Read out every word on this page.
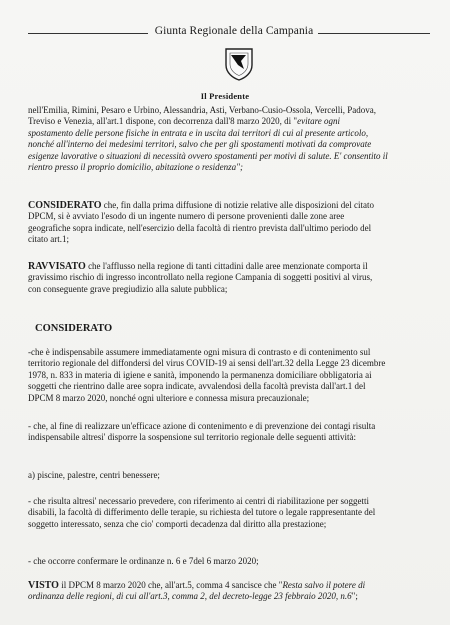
Giunta Regionale della Campania
Il Presidente
nell'Emilia, Rimini, Pesaro e Urbino, Alessandria, Asti, Verbano-Cusio-Ossola, Vercelli, Padova,
Treviso e Venezia, all'art.1 dispone, con decorrenza dall'8 marzo 2020, di "evitare ogni
spostamento delle persone fisiche in entrata e in uscita dai territori di cui al presente articolo,
nonché all'interno dei medesimi territori, salvo che per gli spostamenti motivati da comprovate
esigenze lavorative o situazioni di necessità ovvero spostamenti per motivi di salute. E' consentito il
rientro presso il proprio domicilio, abitazione o residenza";
CONSIDERATO che, fin dalla prima diffusione di notizie relative alle disposizioni del citato
DPCM, si è avviato l'esodo di un ingente numero di persone provenienti dalle zone aree
geografiche sopra indicate, nell'esercizio della facoltà di rientro prevista dall'ultimo periodo del
citato art.1;
RAVVISATO che l'afflusso nella regione di tanti cittadini dalle aree menzionate comporta il
gravissimo rischio di ingresso incontrollato nella regione Campania di soggetti positivi al virus,
con conseguente grave pregiudizio alla salute pubblica;
CONSIDERATO
-che è indispensabile assumere immediatamente ogni misura di contrasto e di contenimento sul
territorio regionale del diffondersi del virus COVID-19 ai sensi dell'art.32 della Legge 23 dicembre
1978, n. 833 in materia di igiene e sanità, imponendo la permanenza domiciliare obbligatoria ai
soggetti che rientrino dalle aree sopra indicate, avvalendosi della facoltà prevista dall'art.1 del
DPCM 8 marzo 2020, nonché ogni ulteriore e connessa misura precauzionale;
- che, al fine di realizzare un'efficace azione di contenimento e di prevenzione dei contagi risulta
indispensabile altresi' disporre la sospensione sul territorio regionale delle seguenti attività:
a) piscine, palestre, centri benessere;
- che risulta altresi' necessario prevedere, con riferimento ai centri di riabilitazione per soggetti
disabili, la facoltà di differimento delle terapie, su richiesta del tutore o legale rappresentante del
soggetto interessato, senza che cio' comporti decadenza dal diritto alla prestazione;
- che occorre confermare le ordinanze n. 6 e 7del 6 marzo 2020;
VISTO il DPCM 8 marzo 2020 che, all'art.5, comma 4 sancisce che "Resta salvo il potere di
ordinanza delle regioni, di cui all'art.3, comma 2, del decreto-legge 23 febbraio 2020, n.6";
